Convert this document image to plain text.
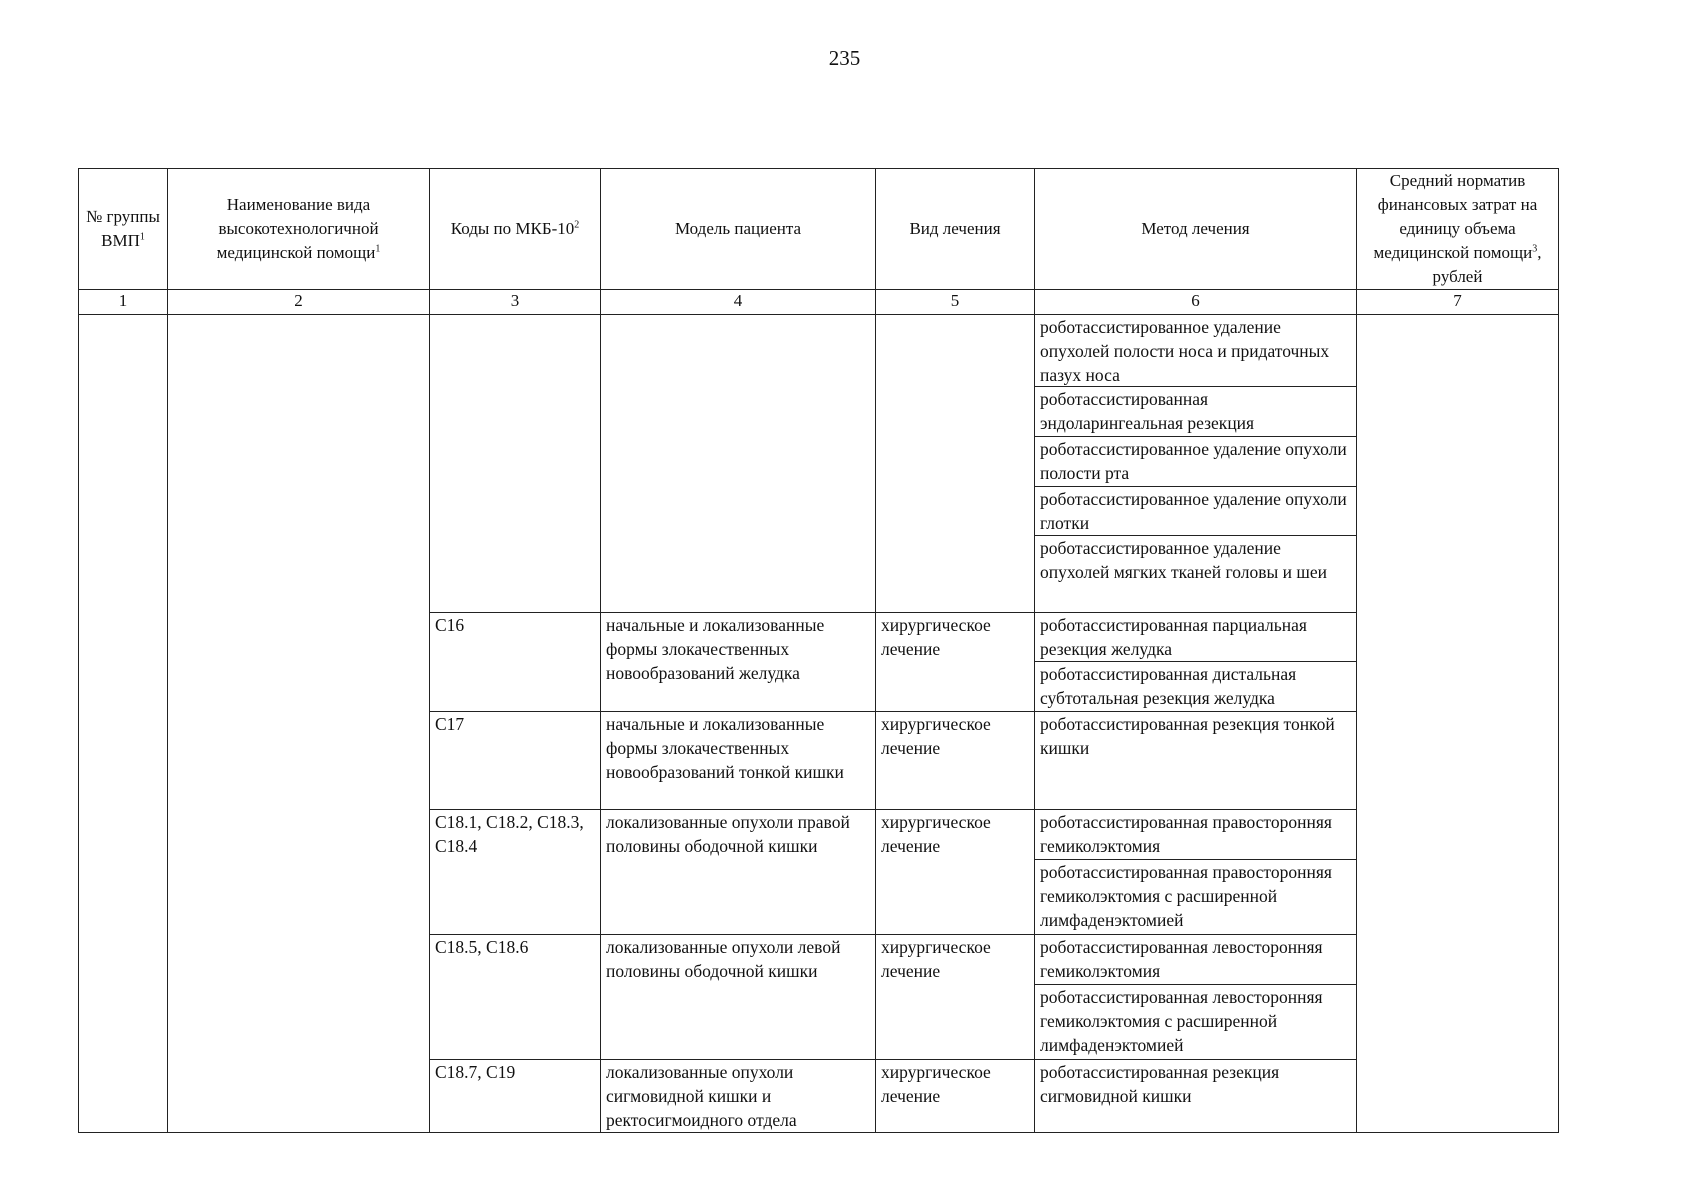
235
№ группы ВМП$^1$	Наименование вида высокотехнологичной медицинской помощи$^1$	Коды по МКБ-$10^2$	Модель пациента	Вид лечения	Метод лечения	Средний норматив финансовых затрат на единицу объема медицинской помощи$^3$, рублей
1	2	3	4	5	6	7

					роботассистированное удаление опухолей полости носа и придаточных пазух носа
роботассистированная эндоларингеальная резекция
роботассистированное удаление опухоли полости рта
роботассистированное удаление опухоли глотки
роботассистированное удаление опухолей мягких тканей головы и шеи	

		C16	начальные и локализованные формы злокачественных новообразований желудка	хирургическое лечение	роботассистированная парциальная резекция желудка
роботассистированная дистальная субтотальная резекция желудка	

		C17	начальные и локализованные формы злокачественных новообразований тонкой кишки	хирургическое лечение	роботассистированная резекция тонкой кишки	
		C18.1, C18.2, C18.3, C18.4	локализованные опухоли правой половины ободочной кишки	хирургическое лечение	роботассистированная правосторонняя гемиколэктомия
роботассистированная правосторонняя гемиколэктомия с расширенной лимфаденэктомией	

		C18.5, C18.6	локализованные опухоли левой половины ободочной кишки	хирургическое лечение	роботассистированная левосторонняя гемиколэктомия
роботассистированная левосторонняя гемиколэктомия с расширенной лимфаденэктомией	

		C18.7, C19	локализованные опухоли сигмовидной кишки и ректосигмоидного отдела	хирургическое лечение	роботассистированная резекция сигмовидной кишки	
